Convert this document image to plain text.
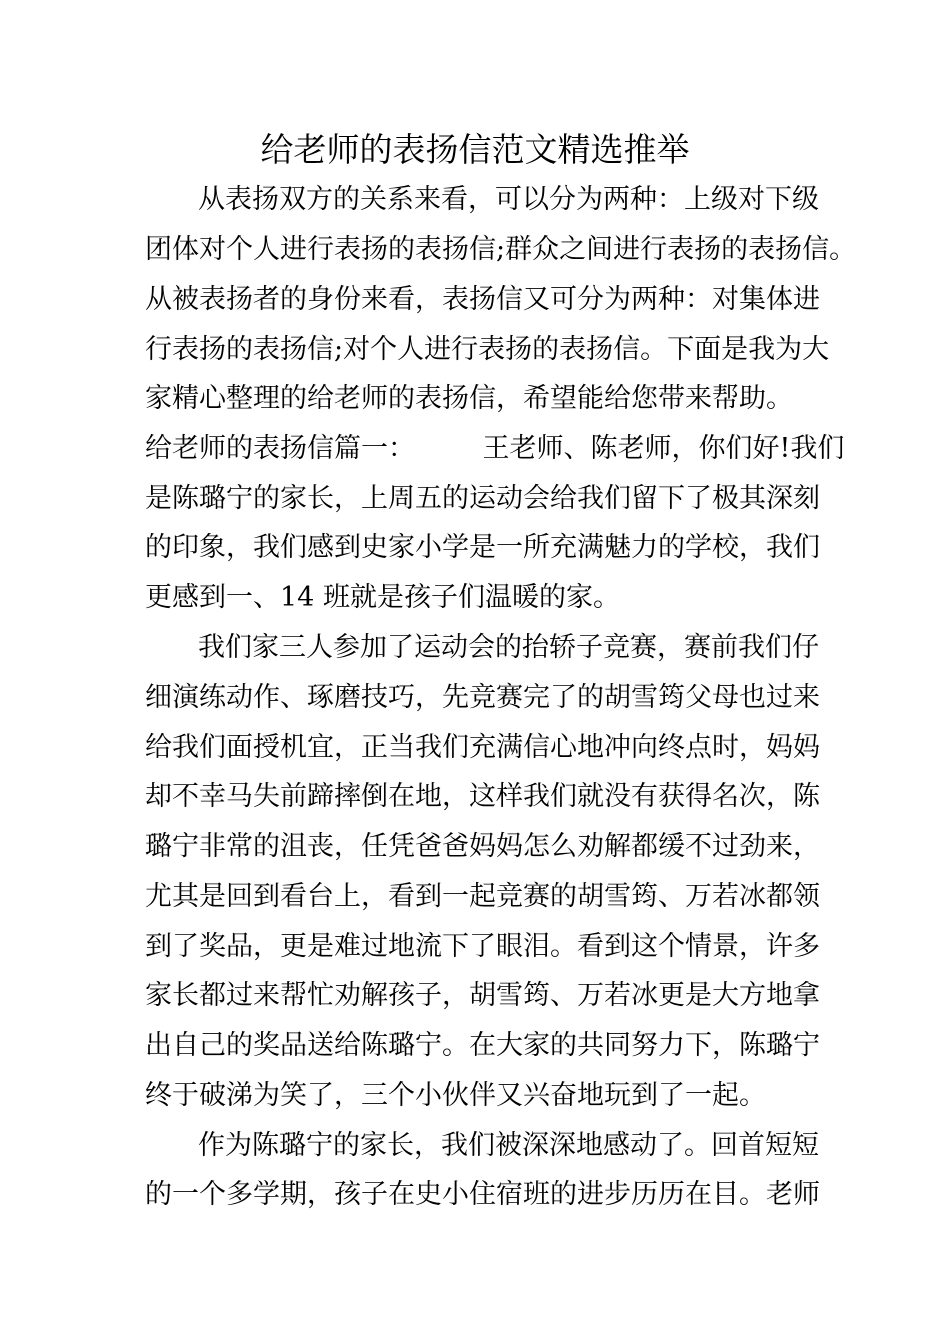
给老师的表扬信范文精选推举
从表扬双方的关系来看，可以分为两种：上级对下级
团体对个人进行表扬的表扬信;群众之间进行表扬的表扬信。
从被表扬者的身份来看，表扬信又可分为两种：对集体进
行表扬的表扬信;对个人进行表扬的表扬信。下面是我为大
家精心整理的给老师的表扬信，希望能给您带来帮助。
给老师的表扬信篇一：　　　王老师、陈老师，你们好!我们
是陈璐宁的家长，上周五的运动会给我们留下了极其深刻
的印象，我们感到史家小学是一所充满魅力的学校，我们
更感到一、14 班就是孩子们温暖的家。
我们家三人参加了运动会的抬轿子竞赛，赛前我们仔
细演练动作、琢磨技巧，先竞赛完了的胡雪筠父母也过来
给我们面授机宜，正当我们充满信心地冲向终点时，妈妈
却不幸马失前蹄摔倒在地，这样我们就没有获得名次，陈
璐宁非常的沮丧，任凭爸爸妈妈怎么劝解都缓不过劲来，
尤其是回到看台上，看到一起竞赛的胡雪筠、万若冰都领
到了奖品，更是难过地流下了眼泪。看到这个情景，许多
家长都过来帮忙劝解孩子，胡雪筠、万若冰更是大方地拿
出自己的奖品送给陈璐宁。在大家的共同努力下，陈璐宁
终于破涕为笑了，三个小伙伴又兴奋地玩到了一起。
作为陈璐宁的家长，我们被深深地感动了。回首短短
的一个多学期，孩子在史小住宿班的进步历历在目。老师
